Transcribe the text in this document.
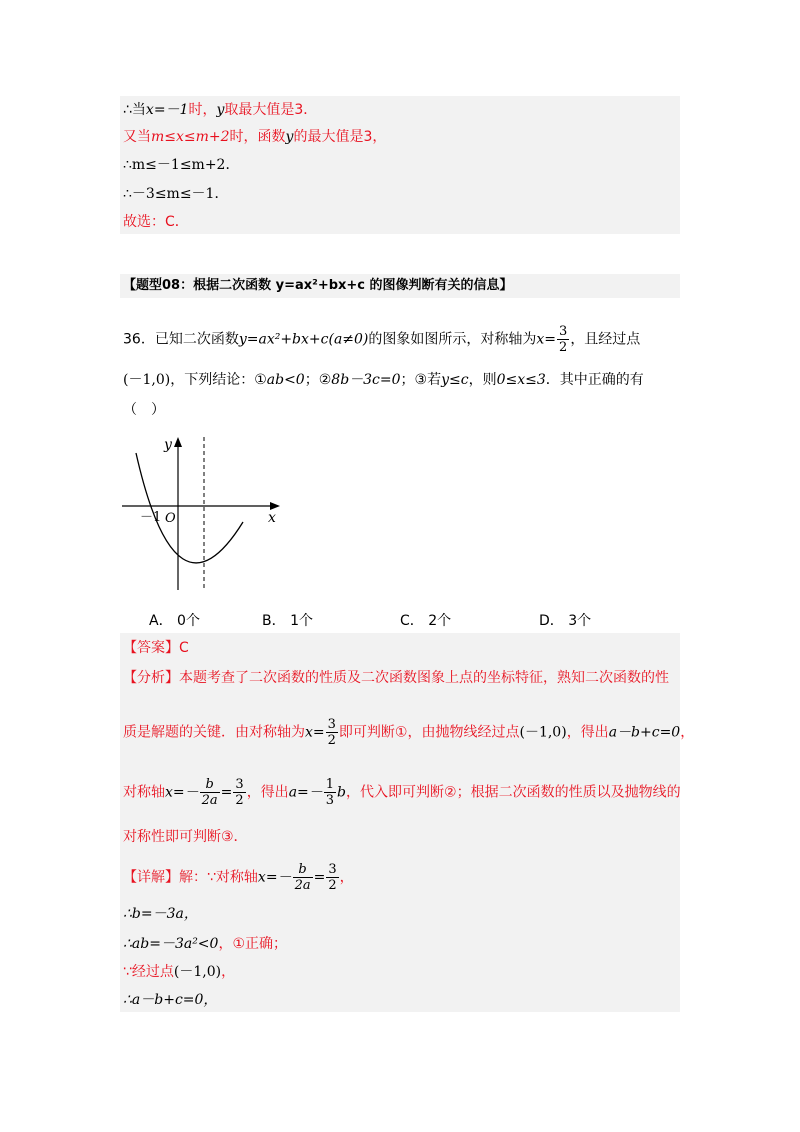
∴当x=－1时，y取最大值是3．
又当m≤x≤m+2时，函数y的最大值是3，
∴m≤－1≤m+2．
∴－3≤m≤－1．
故选：C．
【题型08：根据二次函数 y=ax²+bx+c 的图像判断有关的信息】
36．已知二次函数y=ax²+bx+c(a≠0)的图象如图所示，对称轴为$x= \frac{3}{2}$ ，且经过点
(－1,0)，下列结论：①ab<0；②8b－3c=0；③若y≤c，则0≤x≤3．其中正确的有
（　）
y
x
O
－1
A． 0个	B． 1个	C． 2个	D． 3个
【答案】C
【分析】本题考查了二次函数的性质及二次函数图象上点的坐标特征，熟知二次函数的性
质是解题的关键．由对称轴为$x= \frac{3}{2}$ 即可判断①，由抛物线经过点(－1,0)，得出a－b+c=0，
对称轴$x=- \frac{b}{2a} = \frac{3}{2}$ ，得出$a=- \frac{1}{3}$ b，代入即可判断②；根据二次函数的性质以及抛物线的
对称性即可判断③．
【详解】解：∵对称轴$x=- \frac{b}{2a} = \frac{3}{2}$ ，
∴b=－3a，
∴ab=－3a²<0，①正确；
∵经过点(－1,0)，
∴a－b+c=0，
